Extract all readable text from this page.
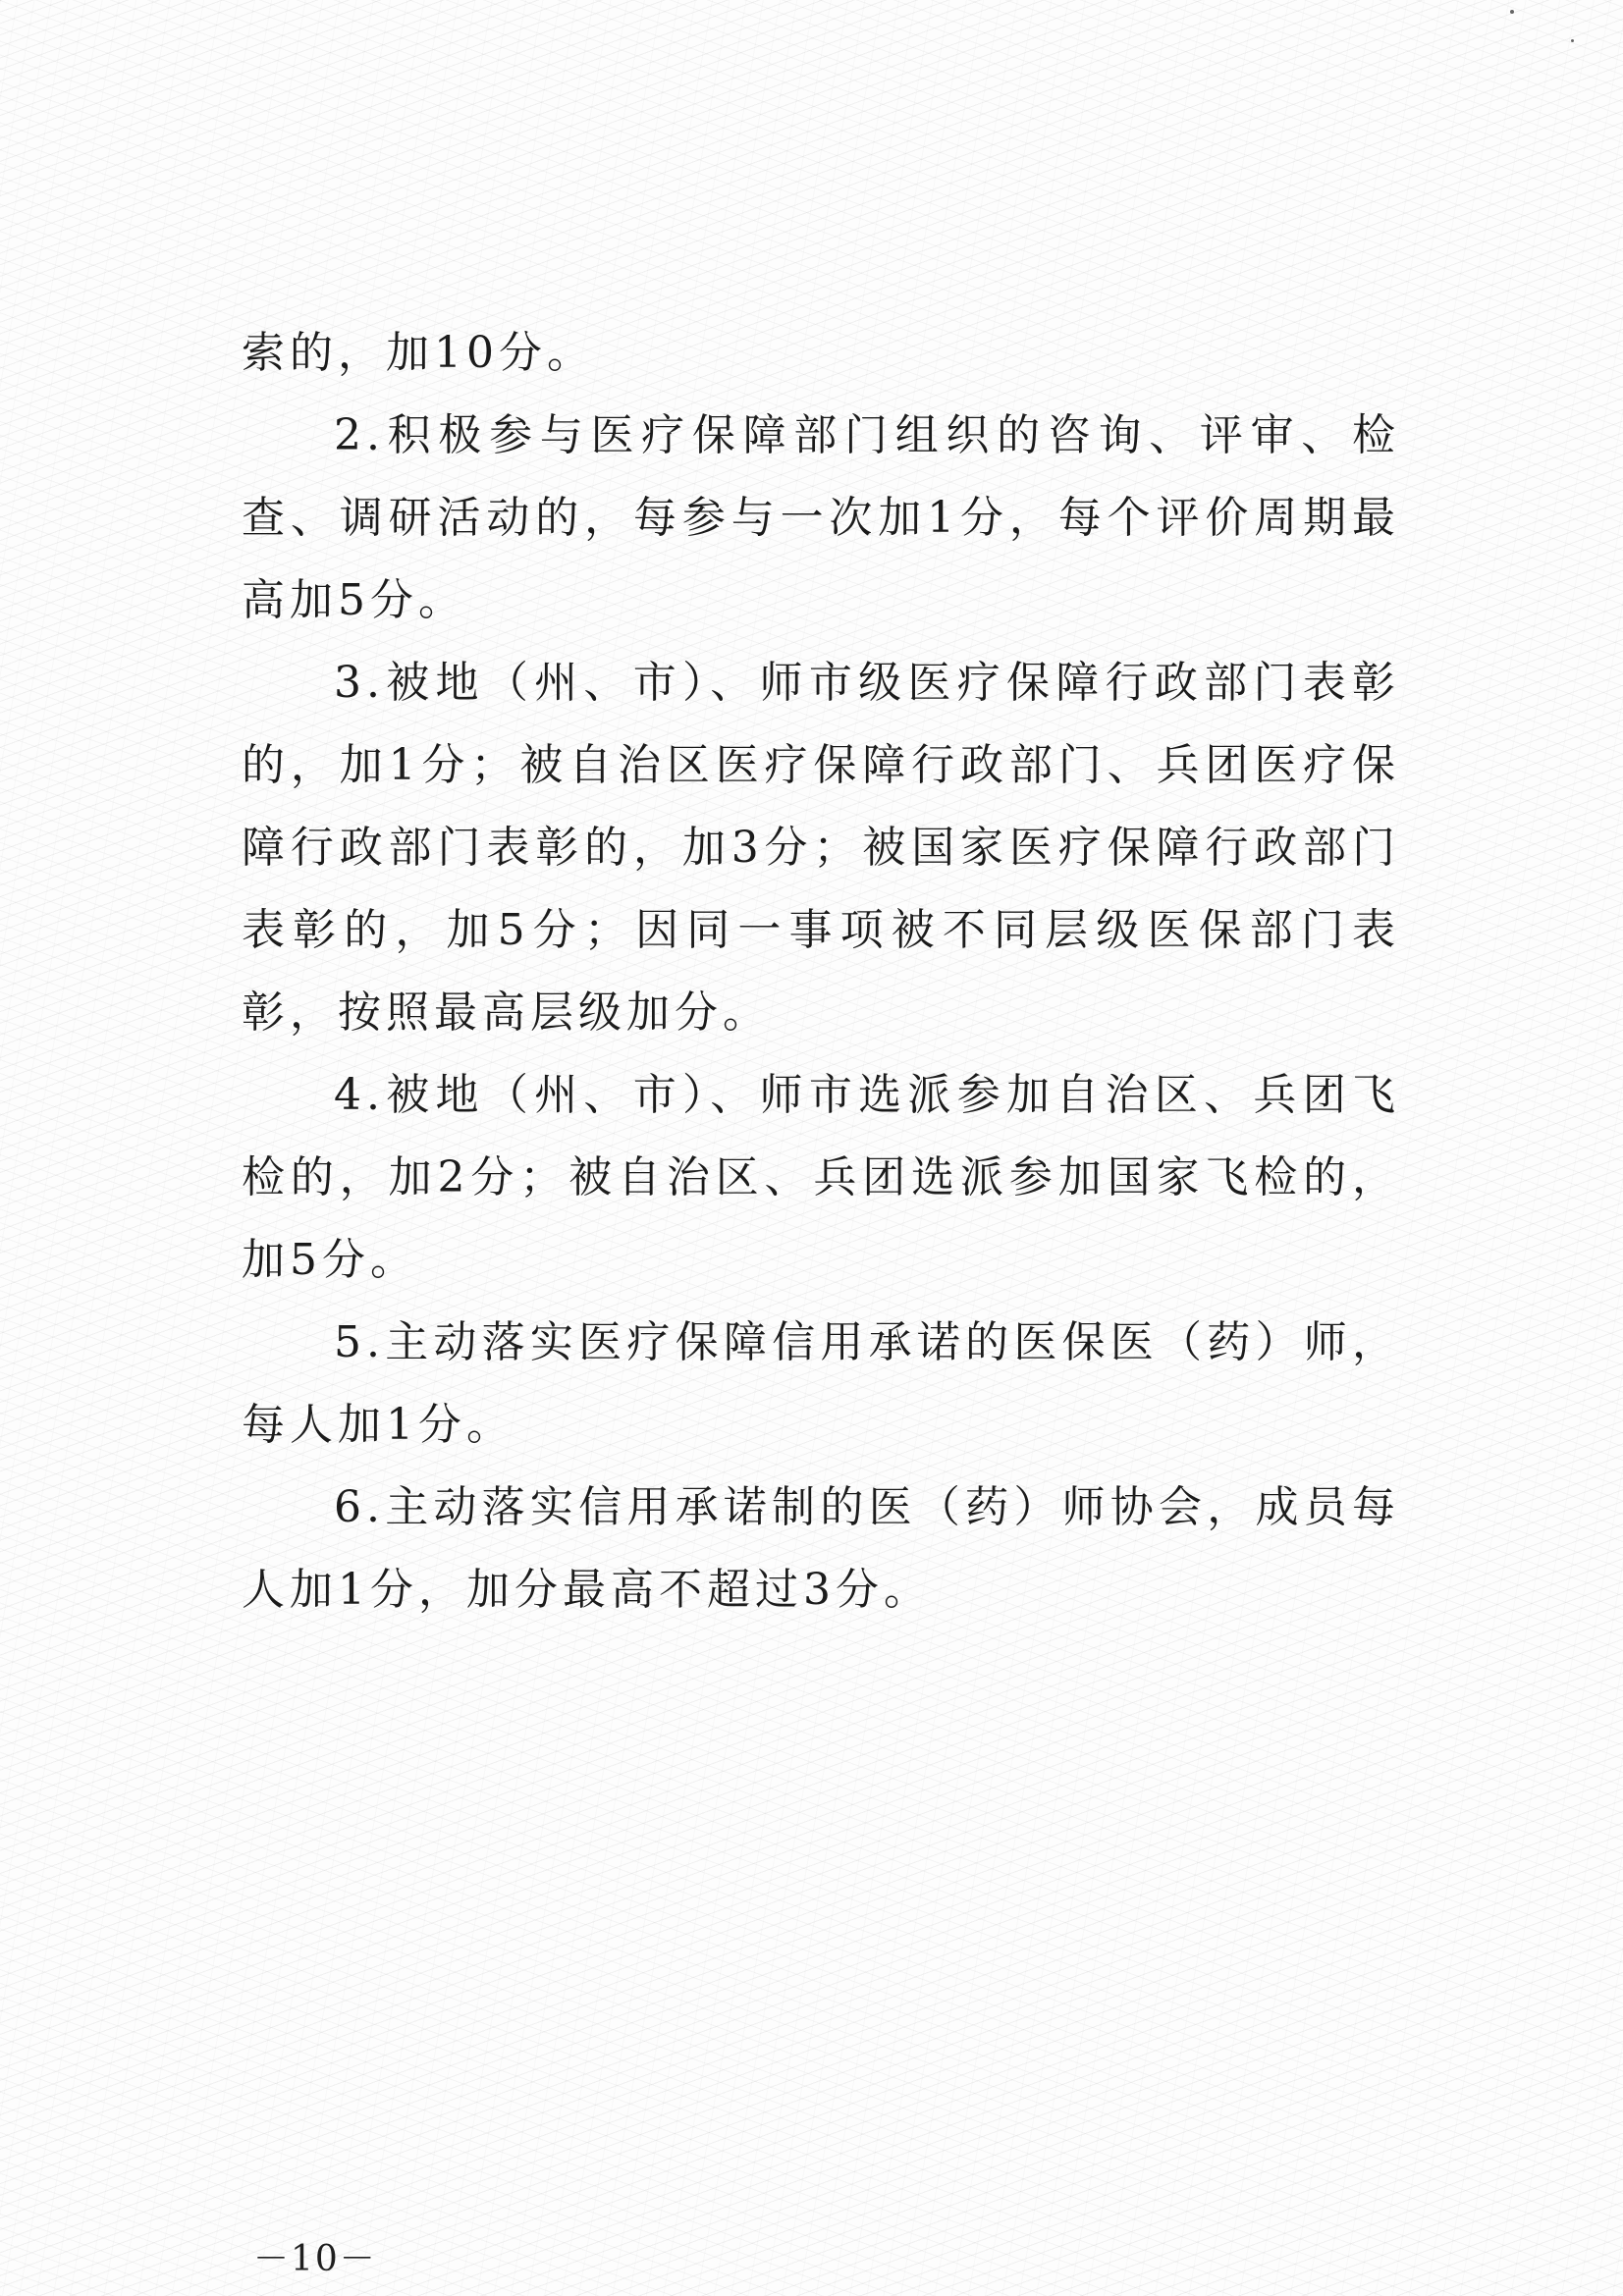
索的，加10分。

2.积极参与医疗保障部门组织的咨询、评审、检查、调研活动的，每参与一次加1分，每个评价周期最高加5分。

3.被地（州、市）、师市级医疗保障行政部门表彰的，加1分；被自治区医疗保障行政部门、兵团医疗保障行政部门表彰的，加3分；被国家医疗保障行政部门表彰的，加5分；因同一事项被不同层级医保部门表彰，按照最高层级加分。

4.被地（州、市）、师市选派参加自治区、兵团飞检的，加2分；被自治区、兵团选派参加国家飞检的，加5分。

5.主动落实医疗保障信用承诺的医保医（药）师，每人加1分。

6.主动落实信用承诺制的医（药）师协会，成员每人加1分，加分最高不超过3分。

－10－
